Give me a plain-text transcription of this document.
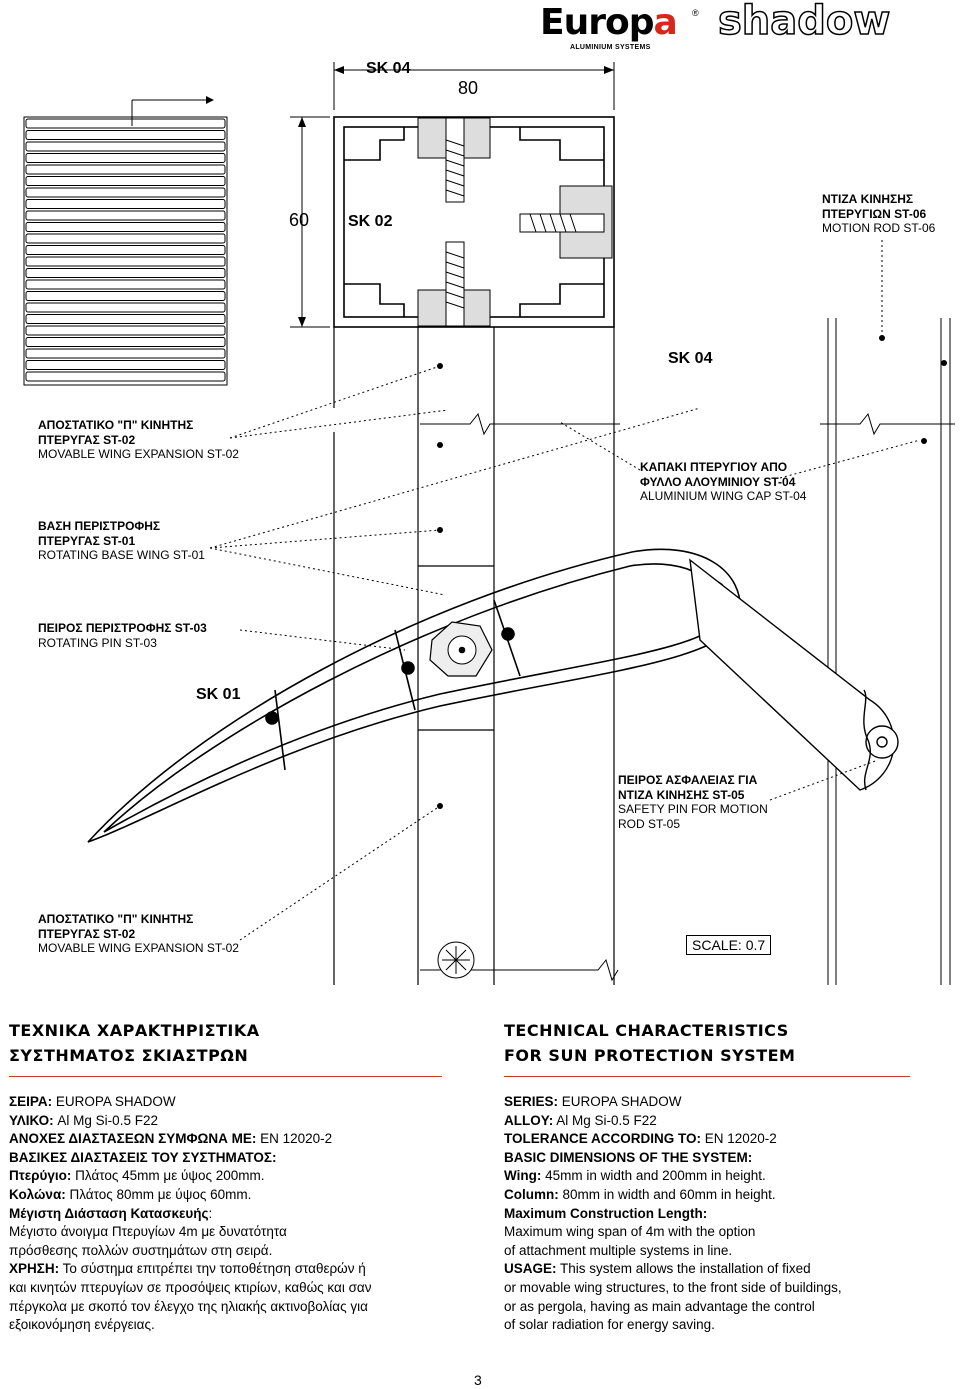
Europa
ALUMINIUM SYSTEMS
® shadow
SK 04
80
60 SK 02
SK 04
SK 01
SCALE: 0.7
ΝΤΙΖΑ ΚΙΝΗΣΗΣ
ΠΤΕΡΥΓΙΩΝ ST-06
MOTION ROD ST-06
ΑΠΟΣΤΑΤΙΚΟ "Π" ΚΙΝΗΤΗΣ
ΠΤΕΡΥΓΑΣ ST-02
MOVABLE WING EXPANSION ST-02
ΚΑΠΑΚΙ ΠΤΕΡΥΓΙΟΥ ΑΠΟ
ΦΥΛΛΟ ΑΛΟΥΜΙΝΙΟΥ ST-04
ALUMINIUM WING CAP ST-04
ΒΑΣΗ ΠΕΡΙΣΤΡΟΦΗΣ
ΠΤΕΡΥΓΑΣ ST-01
ROTATING BASE WING ST-01
ΠΕΙΡΟΣ ΠΕΡΙΣΤΡΟΦΗΣ ST-03
ROTATING PIN ST-03
ΠΕΙΡΟΣ ΑΣΦΑΛΕΙΑΣ ΓΙΑ
ΝΤΙΖΑ ΚΙΝΗΣΗΣ ST-05
SAFETY PIN FOR MOTION
ROD ST-05
ΑΠΟΣΤΑΤΙΚΟ "Π" ΚΙΝΗΤΗΣ
ΠΤΕΡΥΓΑΣ ST-02
MOVABLE WING EXPANSION ST-02
ΤΕΧΝΙΚΑ ΧΑΡΑΚΤΗΡΙΣΤΙΚΑ
ΣΥΣΤΗΜΑΤΟΣ ΣΚΙΑΣΤΡΩΝ
ΣΕΙΡΑ: EUROPA SHADOW
ΥΛΙΚΟ: Al Mg Si-0.5 F22
ΑΝΟΧΕΣ ΔΙΑΣΤΑΣΕΩΝ ΣΥΜΦΩΝΑ ΜΕ: EN 12020-2
ΒΑΣΙΚΕΣ ΔΙΑΣΤΑΣΕΙΣ ΤΟΥ ΣΥΣΤΗΜΑΤΟΣ:
Πτερύγιο: Πλάτος 45mm με ύψος 200mm.
Κολώνα: Πλάτος 80mm με ύψος 60mm.
Μέγιστη Διάσταση Κατασκευής:
Μέγιστο άνοιγμα Πτερυγίων 4m με δυνατότητα
πρόσθεσης πολλών συστημάτων στη σειρά.
ΧΡΗΣΗ: Το σύστημα επιτρέπει την τοποθέτηση σταθερών ή
και κινητών πτερυγίων σε προσόψεις κτιρίων, καθώς και σαν
πέργκολα με σκοπό τον έλεγχο της ηλιακής ακτινοβολίας για
εξοικονόμηση ενέργειας.
TECHNICAL CHARACTERISTICS
FOR SUN PROTECTION SYSTEM
SERIES: EUROPA SHADOW
ALLOY: Al Mg Si-0.5 F22
TOLERANCE ACCORDING TO: EN 12020-2
BASIC DIMENSIONS OF THE SYSTEM:
Wing: 45mm in width and 200mm in height.
Column: 80mm in width and 60mm in height.
Maximum Construction Length:
Maximum wing span of 4m with the option
of attachment multiple systems in line.
USAGE: This system allows the installation of fixed
or movable wing structures, to the front side of buildings,
or as pergola, having as main advantage the control
of solar radiation for energy saving.
3
